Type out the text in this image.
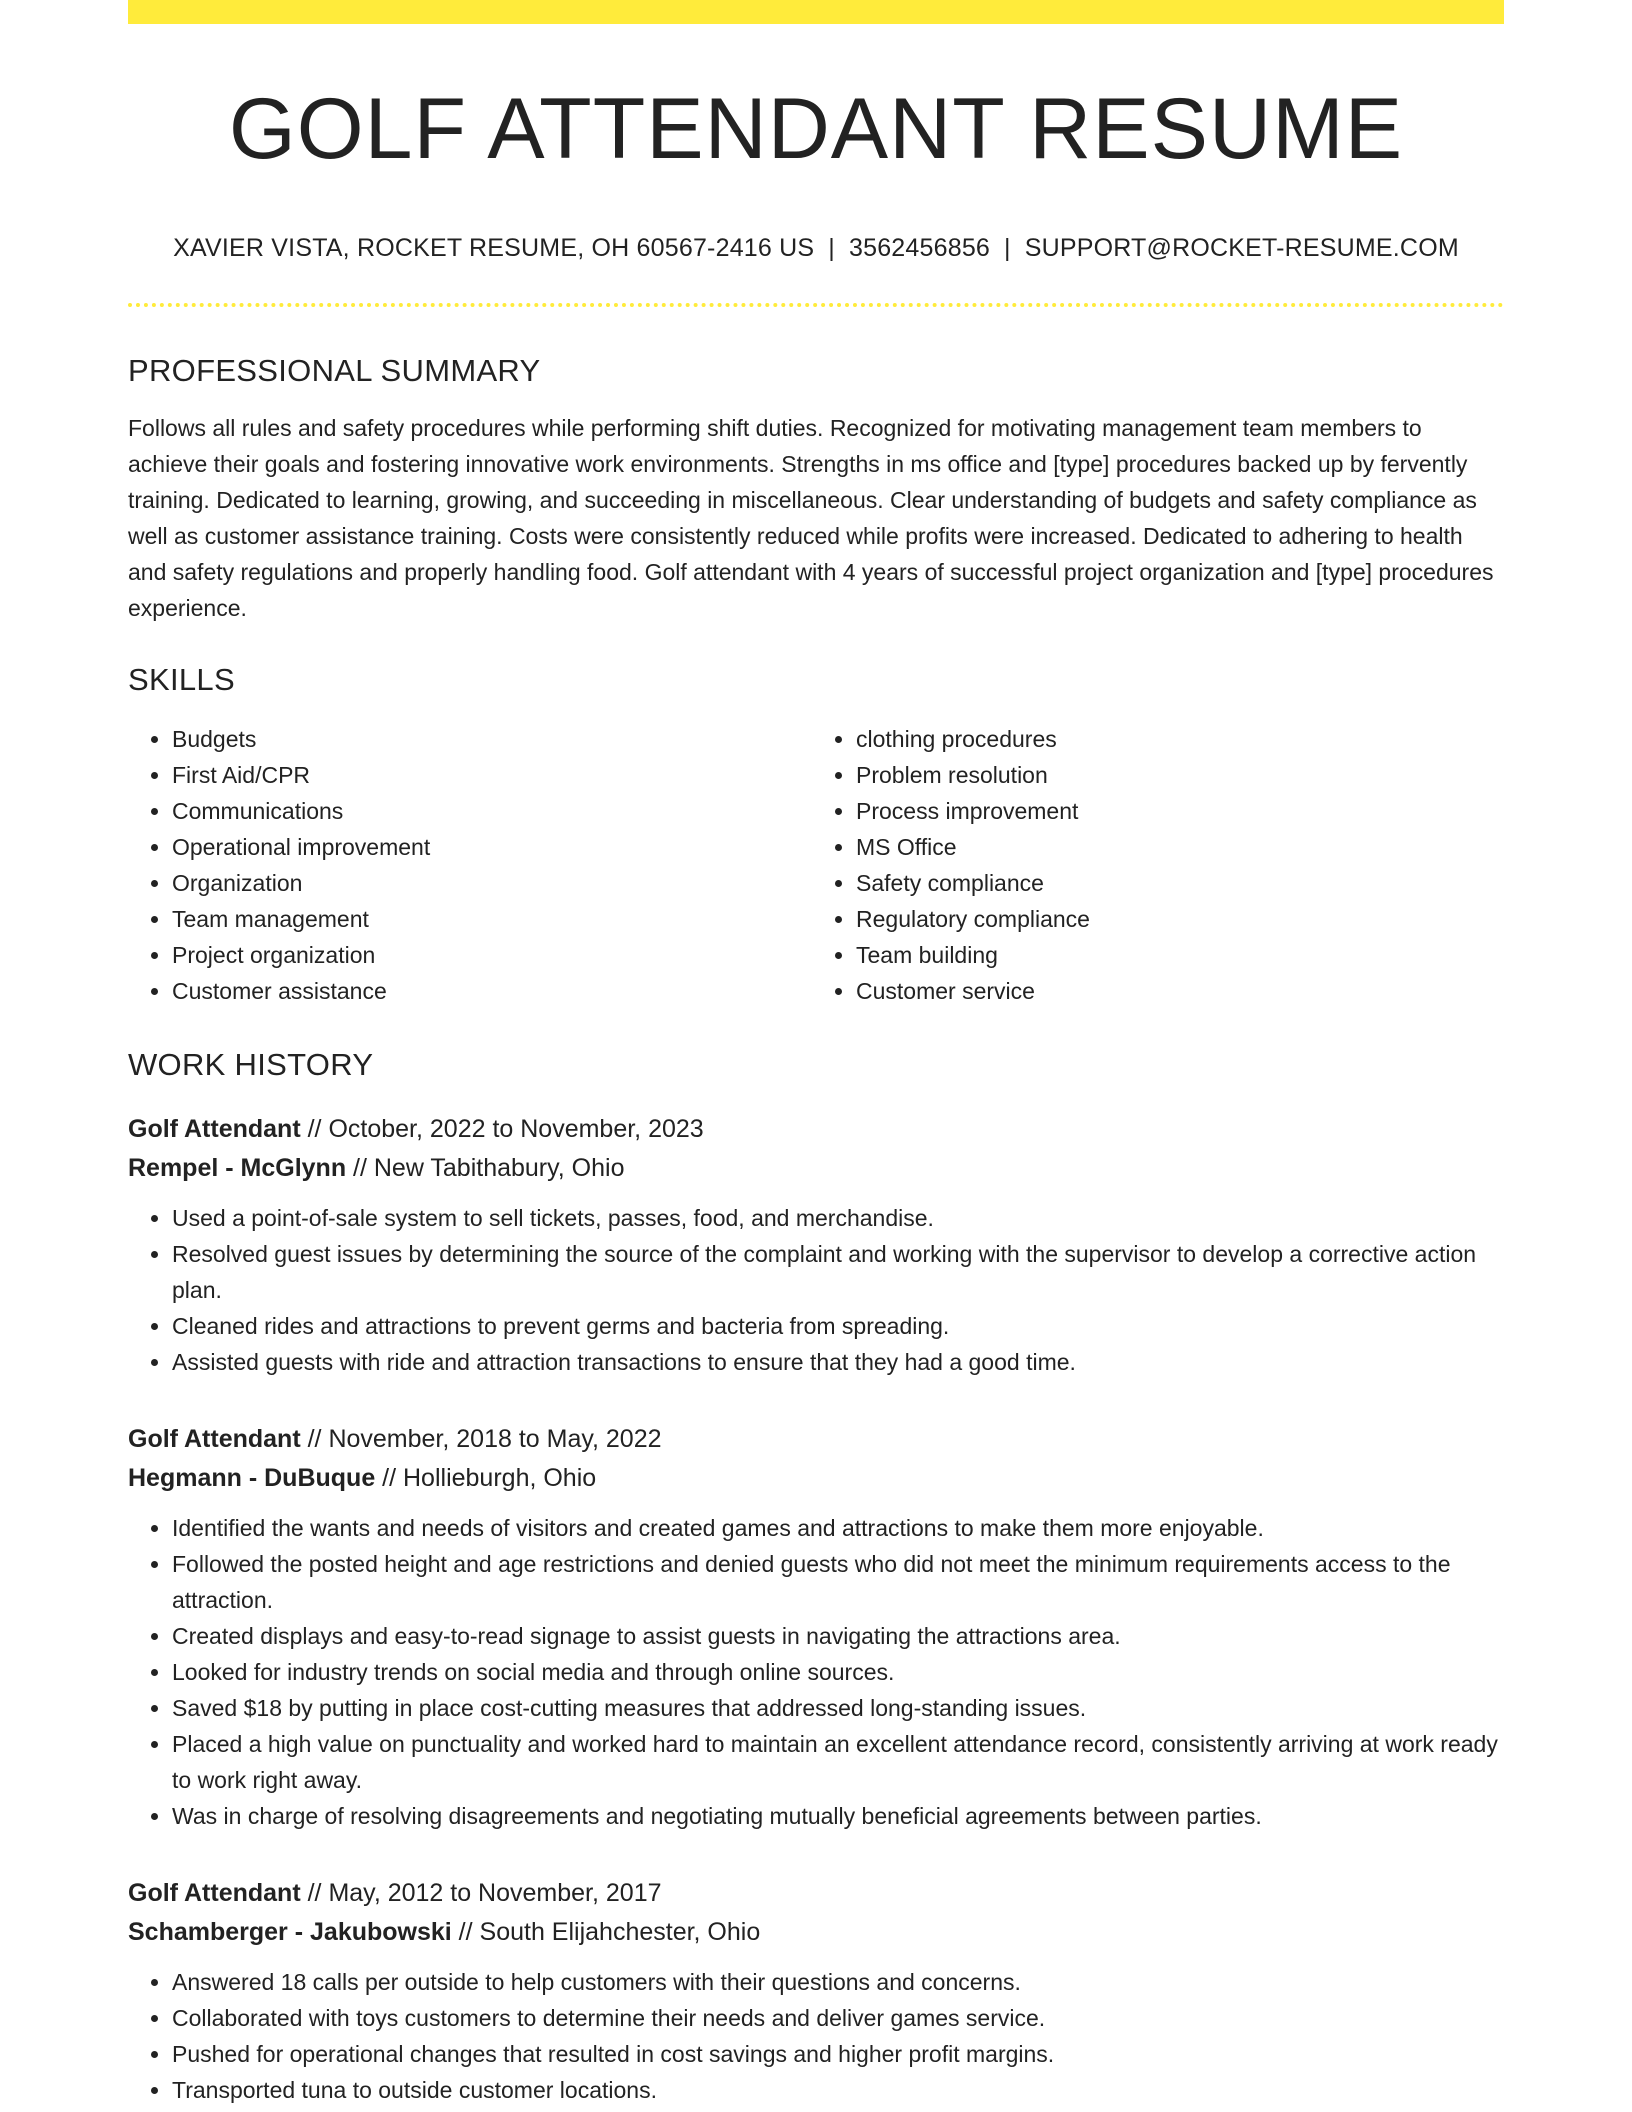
GOLF ATTENDANT RESUME
XAVIER VISTA, ROCKET RESUME, OH 60567-2416 US | 3562456856 | SUPPORT@ROCKET-RESUME.COM
PROFESSIONAL SUMMARY

Follows all rules and safety procedures while performing shift duties. Recognized for motivating management team members to achieve their goals and fostering innovative work environments. Strengths in ms office and [type] procedures backed up by fervently training. Dedicated to learning, growing, and succeeding in miscellaneous. Clear understanding of budgets and safety compliance as well as customer assistance training. Costs were consistently reduced while profits were increased. Dedicated to adhering to health and safety regulations and properly handling food. Golf attendant with 4 years of successful project organization and [type] procedures experience.

SKILLS
• Budgets
• First Aid/CPR
• Communications
• Operational improvement
• Organization
• Team management
• Project organization
• Customer assistance
• clothing procedures
• Problem resolution
• Process improvement
• MS Office
• Safety compliance
• Regulatory compliance
• Team building
• Customer service
WORK HISTORY
Golf Attendant // October, 2022 to November, 2023
Rempel - McGlynn // New Tabithabury, Ohio
• Used a point-of-sale system to sell tickets, passes, food, and merchandise.
• Resolved guest issues by determining the source of the complaint and working with the supervisor to develop a corrective action plan.
• Cleaned rides and attractions to prevent germs and bacteria from spreading.
• Assisted guests with ride and attraction transactions to ensure that they had a good time.
Golf Attendant // November, 2018 to May, 2022
Hegmann - DuBuque // Hollieburgh, Ohio
• Identified the wants and needs of visitors and created games and attractions to make them more enjoyable.
• Followed the posted height and age restrictions and denied guests who did not meet the minimum requirements access to the attraction.
• Created displays and easy-to-read signage to assist guests in navigating the attractions area.
• Looked for industry trends on social media and through online sources.
• Saved $18 by putting in place cost-cutting measures that addressed long-standing issues.
• Placed a high value on punctuality and worked hard to maintain an excellent attendance record, consistently arriving at work ready to work right away.
• Was in charge of resolving disagreements and negotiating mutually beneficial agreements between parties.
Golf Attendant // May, 2012 to November, 2017
Schamberger - Jakubowski // South Elijahchester, Ohio
• Answered 18 calls per outside to help customers with their questions and concerns.
• Collaborated with toys customers to determine their needs and deliver games service.
• Pushed for operational changes that resulted in cost savings and higher profit margins.
• Transported tuna to outside customer locations.
